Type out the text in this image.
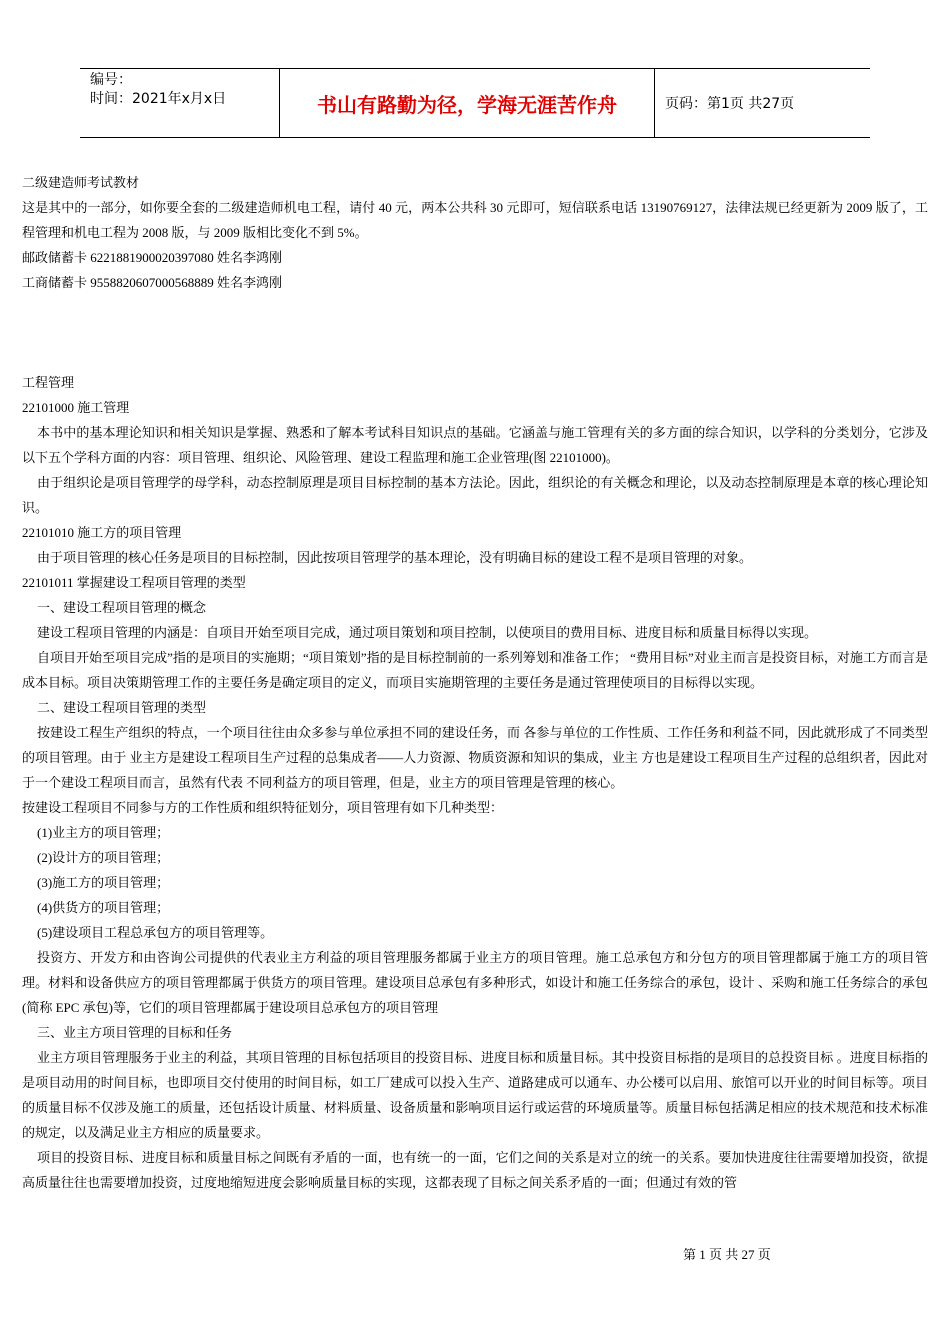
编号：
时间：2021年x月x日	书山有路勤为径，学海无涯苦作舟	页码：第1页 共27页

二级建造师考试教材

这是其中的一部分，如你要全套的二级建造师机电工程，请付 40 元，两本公共科 30 元即可，短信联系电话 13190769127，法律法规已经更新为 2009 版了，工程管理和机电工程为 2008 版，与 2009 版相比变化不到 5%。

邮政储蓄卡 6221881900020397080 姓名李鸿刚

工商储蓄卡 9558820607000568889 姓名李鸿刚

工程管理

22101000 施工管理

本书中的基本理论知识和相关知识是掌握、熟悉和了解本考试科目知识点的基础。它涵盖与施工管理有关的多方面的综合知识，以学科的分类划分，它涉及以下五个学科方面的内容：项目管理、组织论、风险管理、建设工程监理和施工企业管理(图 22101000)。

由于组织论是项目管理学的母学科，动态控制原理是项目目标控制的基本方法论。因此，组织论的有关概念和理论，以及动态控制原理是本章的核心理论知识。

22101010 施工方的项目管理

由于项目管理的核心任务是项目的目标控制，因此按项目管理学的基本理论，没有明确目标的建设工程不是项目管理的对象。

22101011 掌握建设工程项目管理的类型

一、建设工程项目管理的概念

建设工程项目管理的内涵是：自项目开始至项目完成，通过项目策划和项目控制，以使项目的费用目标、进度目标和质量目标得以实现。

自项目开始至项目完成”指的是项目的实施期；“项目策划”指的是目标控制前的一系列筹划和准备工作； “费用目标”对业主而言是投资目标，对施工方而言是成本目标。项目决策期管理工作的主要任务是确定项目的定义，而项目实施期管理的主要任务是通过管理使项目的目标得以实现。

二、建设工程项目管理的类型

按建设工程生产组织的特点，一个项目往往由众多参与单位承担不同的建设任务，而 各参与单位的工作性质、工作任务和利益不同，因此就形成了不同类型的项目管理。由于 业主方是建设工程项目生产过程的总集成者——人力资源、物质资源和知识的集成，业主 方也是建设工程项目生产过程的总组织者，因此对于一个建设工程项目而言，虽然有代表 不同利益方的项目管理，但是，业主方的项目管理是管理的核心。

按建设工程项目不同参与方的工作性质和组织特征划分，项目管理有如下几种类型：

(1)业主方的项目管理；

(2)设计方的项目管理；

(3)施工方的项目管理；

(4)供货方的项目管理；

(5)建设项目工程总承包方的项目管理等。

投资方、开发方和由咨询公司提供的代表业主方利益的项目管理服务都属于业主方的项目管理。施工总承包方和分包方的项目管理都属于施工方的项目管理。材料和设备供应方的项目管理都属于供货方的项目管理。建设项目总承包有多种形式，如设计和施工任务综合的承包，设计 、采购和施工任务综合的承包(简称 EPC 承包)等，它们的项目管理都属于建设项目总承包方的项目管理

三、业主方项目管理的目标和任务

业主方项目管理服务于业主的利益，其项目管理的目标包括项目的投资目标、进度目标和质量目标。其中投资目标指的是项目的总投资目标 。进度目标指的是项目动用的时间目标，也即项目交付使用的时间目标，如工厂建成可以投入生产、道路建成可以通车、办公楼可以启用、旅馆可以开业的时间目标等。项目的质量目标不仅涉及施工的质量，还包括设计质量、材料质量、设备质量和影响项目运行或运营的环境质量等。质量目标包括满足相应的技术规范和技术标准的规定，以及满足业主方相应的质量要求。

项目的投资目标、进度目标和质量目标之间既有矛盾的一面，也有统一的一面，它们之间的关系是对立的统一的关系。要加快进度往往需要增加投资，欲提高质量往往也需要增加投资，过度地缩短进度会影响质量目标的实现，这都表现了目标之间关系矛盾的一面；但通过有效的管

第 1 页 共 27 页
